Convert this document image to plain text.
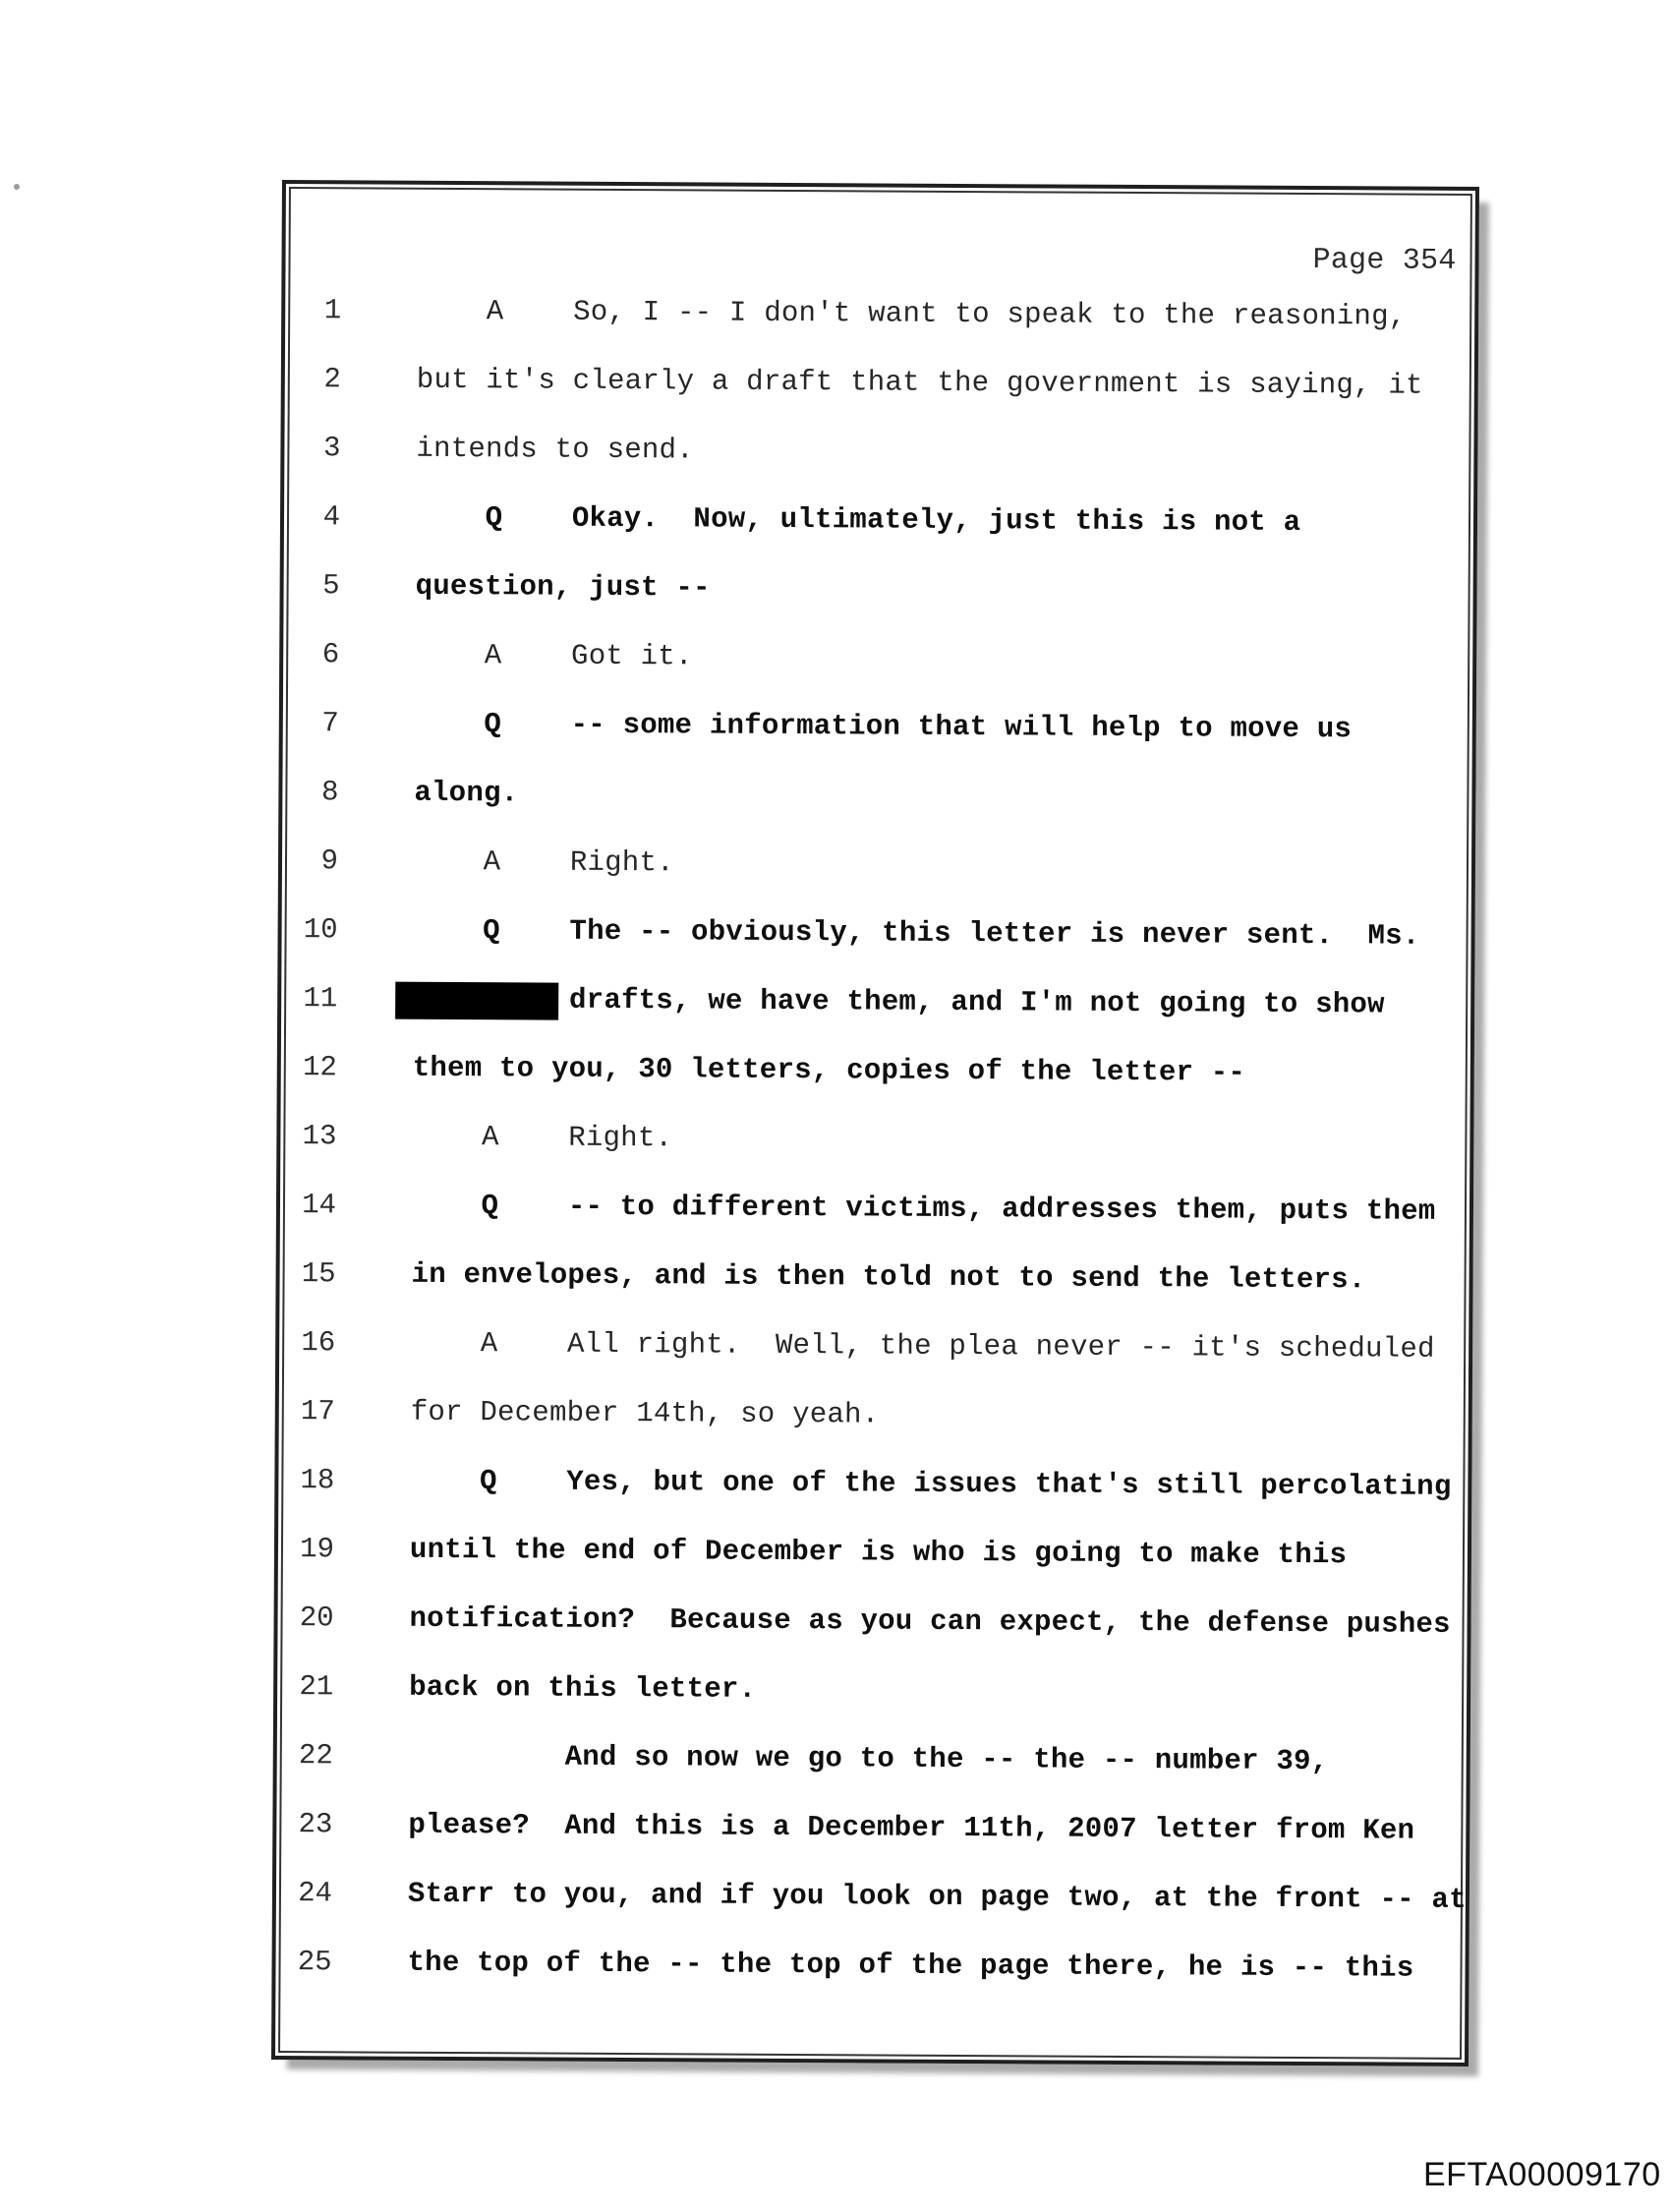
Page 354
1	A    So, I -- I don't want to speak to the reasoning,
2	but it's clearly a draft that the government is saying, it
3	intends to send.
4	Q    Okay.  Now, ultimately, just this is not a
5	question, just --
6	A    Got it.
7	Q    -- some information that will help to move us
8	along.
9	A    Right.
10	Q    The -- obviously, this letter is never sent.  Ms.
11	drafts, we have them, and I'm not going to show
12	them to you, 30 letters, copies of the letter --
13	A    Right.
14	Q    -- to different victims, addresses them, puts them
15	in envelopes, and is then told not to send the letters.
16	A    All right.  Well, the plea never -- it's scheduled
17	for December 14th, so yeah.
18	Q    Yes, but one of the issues that's still percolating
19	until the end of December is who is going to make this
20	notification?  Because as you can expect, the defense pushes
21	back on this letter.
22	And so now we go to the -- the -- number 39,
23	please?  And this is a December 11th, 2007 letter from Ken
24	Starr to you, and if you look on page two, at the front -- at
25	the top of the -- the top of the page there, he is -- this
EFTA00009170
